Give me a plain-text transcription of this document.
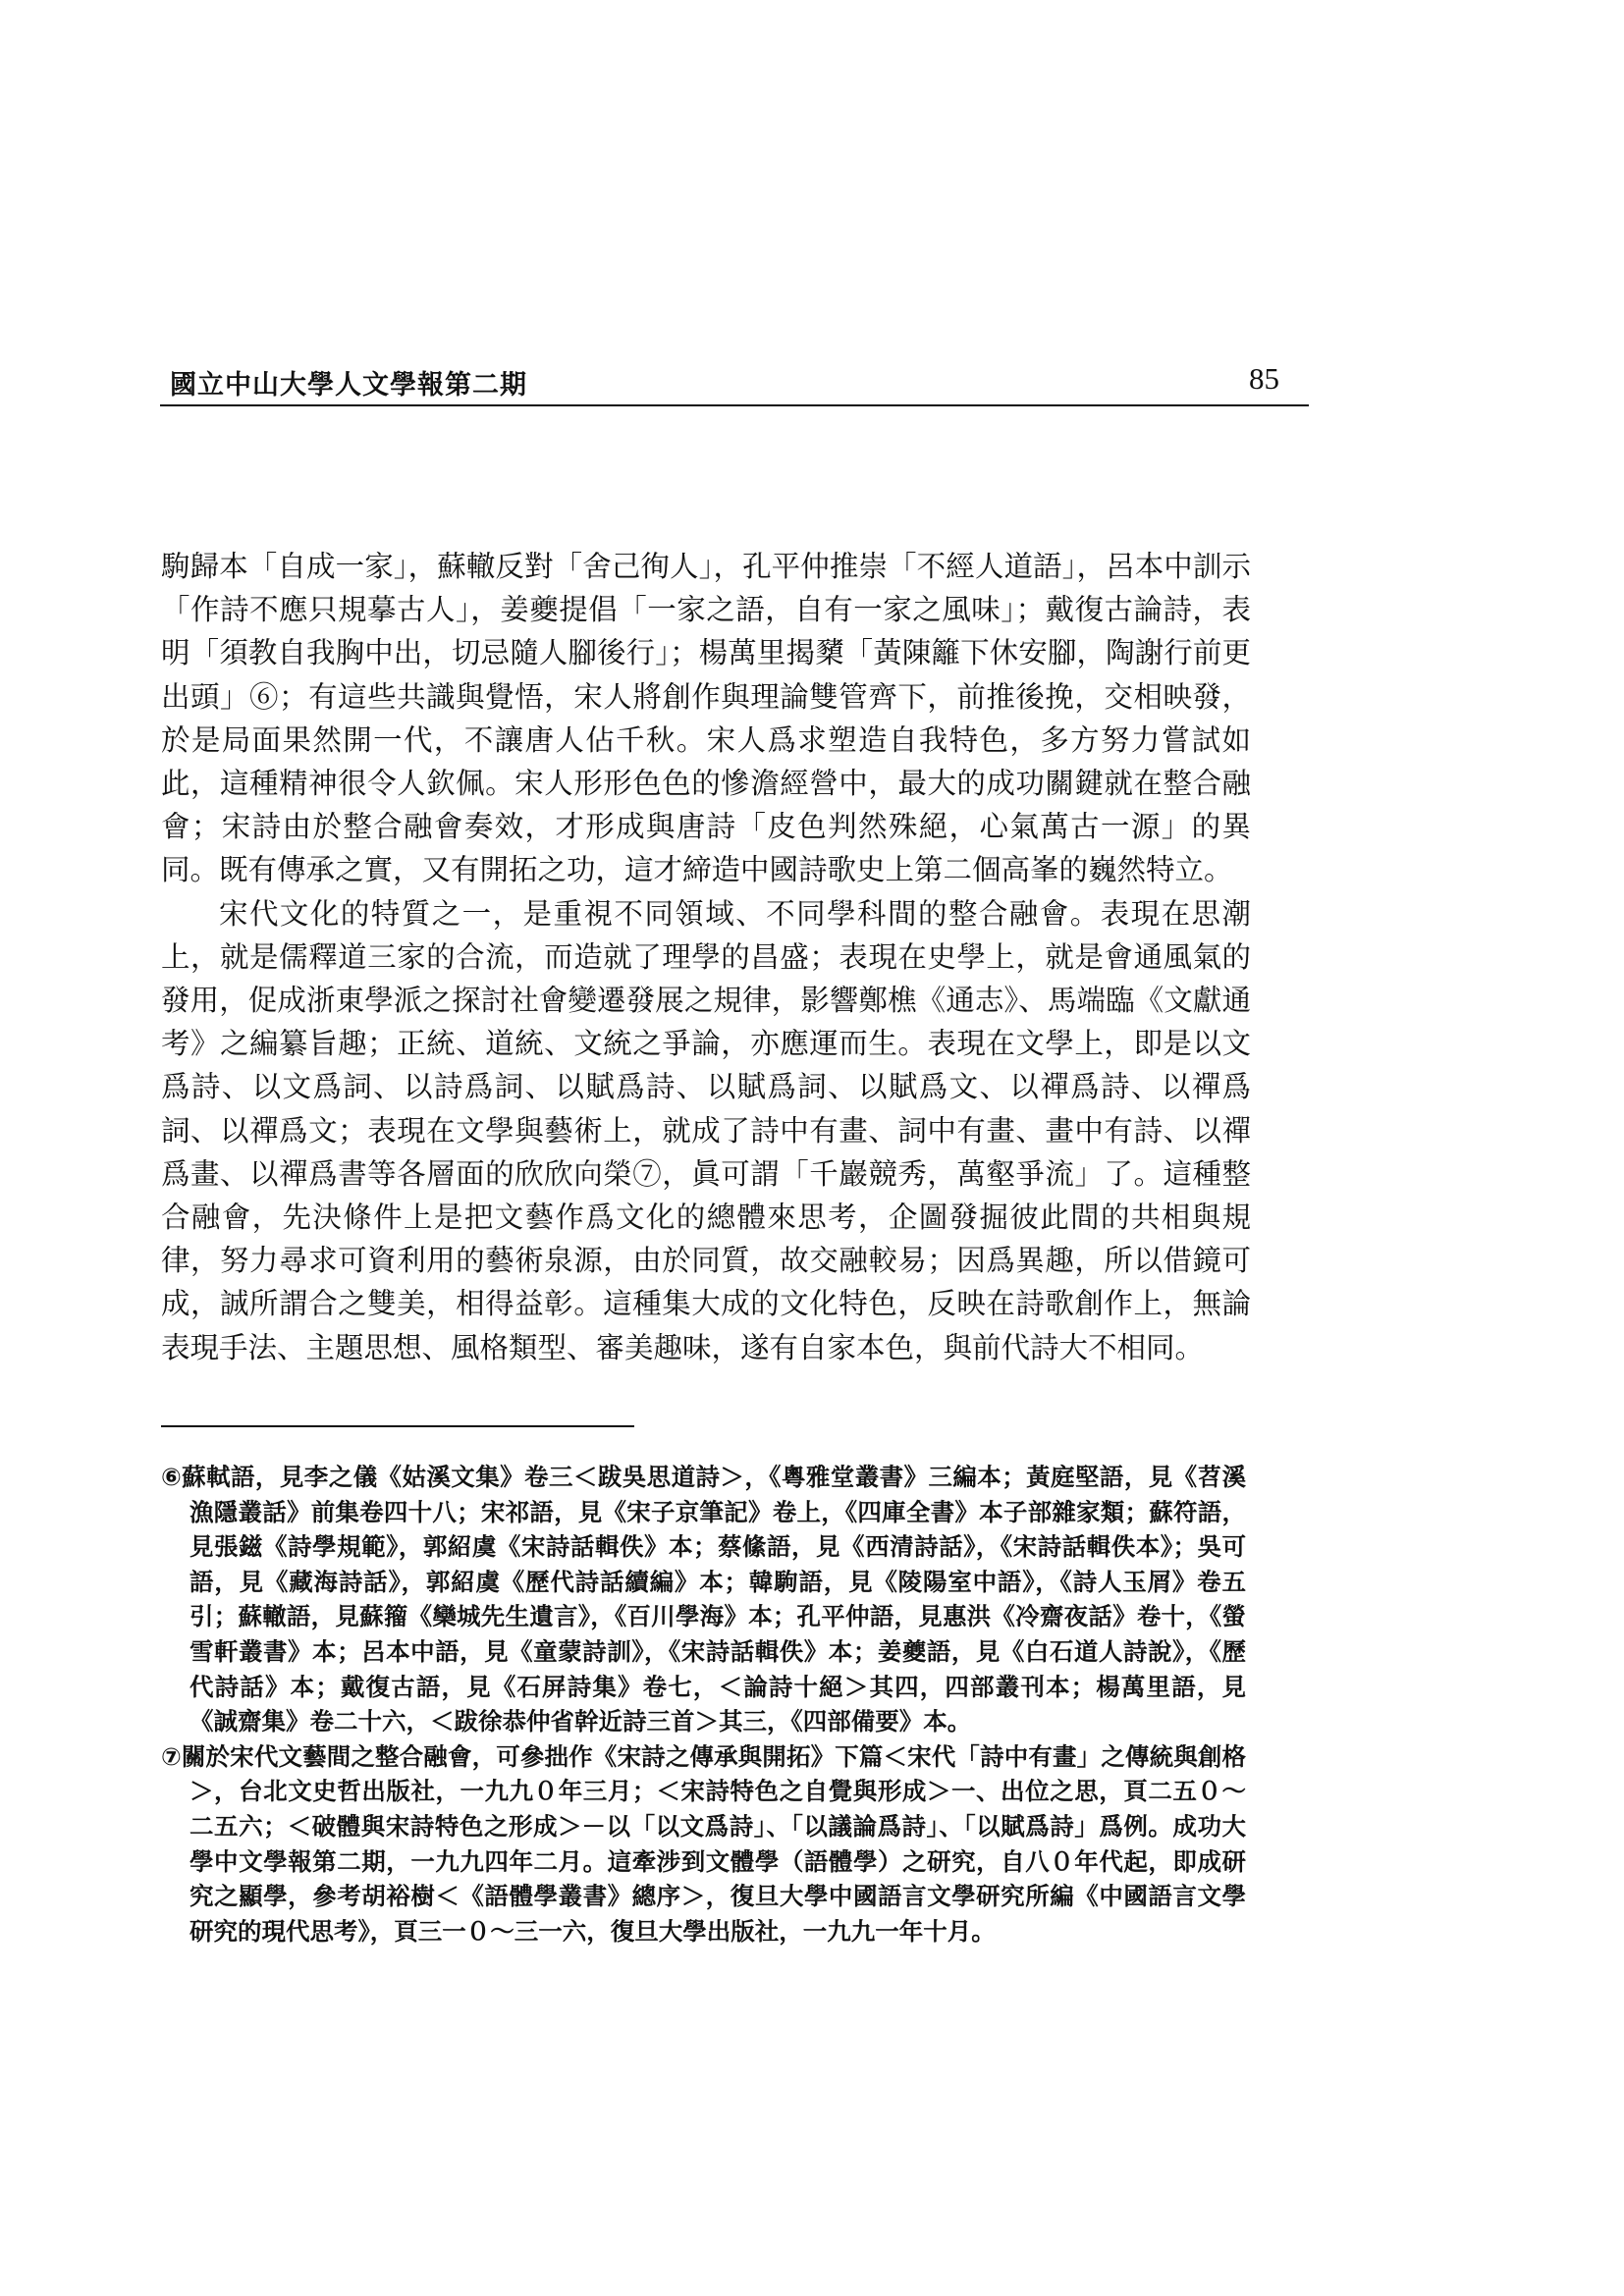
國立中山大學人文學報第二期	85

駒歸本「自成一家」，蘇轍反對「舍己徇人」，孔平仲推崇「不經人道語」，呂本中訓示「作詩不應只規摹古人」，姜夔提倡「一家之語，自有一家之風味」；戴復古論詩，表明「須教自我胸中出，切忌隨人腳後行」；楊萬里揭櫫「黃陳籬下休安腳，陶謝行前更出頭」⑥；有這些共識與覺悟，宋人將創作與理論雙管齊下，前推後挽，交相映發，於是局面果然開一代，不讓唐人佔千秋。宋人爲求塑造自我特色，多方努力嘗試如此，這種精神很令人欽佩。宋人形形色色的慘澹經營中，最大的成功關鍵就在整合融會；宋詩由於整合融會奏效，才形成與唐詩「皮色判然殊絕，心氣萬古一源」的異同。既有傳承之實，又有開拓之功，這才締造中國詩歌史上第二個高峯的巍然特立。

宋代文化的特質之一，是重視不同領域、不同學科間的整合融會。表現在思潮上，就是儒釋道三家的合流，而造就了理學的昌盛；表現在史學上，就是會通風氣的發用，促成浙東學派之探討社會變遷發展之規律，影響鄭樵《通志》、馬端臨《文獻通考》之編纂旨趣；正統、道統、文統之爭論，亦應運而生。表現在文學上，即是以文爲詩、以文爲詞、以詩爲詞、以賦爲詩、以賦爲詞、以賦爲文、以禪爲詩、以禪爲詞、以禪爲文；表現在文學與藝術上，就成了詩中有畫、詞中有畫、畫中有詩、以禪爲畫、以禪爲書等各層面的欣欣向榮⑦，眞可謂「千巖競秀，萬壑爭流」了。這種整合融會，先決條件上是把文藝作爲文化的總體來思考，企圖發掘彼此間的共相與規律，努力尋求可資利用的藝術泉源，由於同質，故交融較易；因爲異趣，所以借鏡可成，誠所謂合之雙美，相得益彰。這種集大成的文化特色，反映在詩歌創作上，無論表現手法、主題思想、風格類型、審美趣味，遂有自家本色，與前代詩大不相同。

⑥蘇軾語，見李之儀《姑溪文集》卷三＜跋吳思道詩＞，《粵雅堂叢書》三編本；黃庭堅語，見《苕溪漁隱叢話》前集卷四十八；宋祁語，見《宋子京筆記》卷上，《四庫全書》本子部雜家類；蘇符語，見張鎡《詩學規範》，郭紹虞《宋詩話輯佚》本；蔡絛語，見《西清詩話》，《宋詩話輯佚本》；吳可語，見《藏海詩話》，郭紹虞《歷代詩話續編》本；韓駒語，見《陵陽室中語》，《詩人玉屑》卷五引；蘇轍語，見蘇籀《欒城先生遺言》，《百川學海》本；孔平仲語，見惠洪《冷齋夜話》卷十，《螢雪軒叢書》本；呂本中語，見《童蒙詩訓》，《宋詩話輯佚》本；姜夔語，見《白石道人詩說》，《歷代詩話》本；戴復古語，見《石屏詩集》卷七，＜論詩十絕＞其四，四部叢刊本；楊萬里語，見《誠齋集》卷二十六，＜跋徐恭仲省幹近詩三首＞其三，《四部備要》本。

⑦關於宋代文藝間之整合融會，可參拙作《宋詩之傳承與開拓》下篇＜宋代「詩中有畫」之傳統與創格＞，台北文史哲出版社，一九九０年三月；＜宋詩特色之自覺與形成＞一、出位之思，頁二五０～二五六；＜破體與宋詩特色之形成＞－以「以文爲詩」、「以議論爲詩」、「以賦爲詩」爲例。成功大學中文學報第二期，一九九四年二月。這牽涉到文體學（語體學）之研究，自八０年代起，即成研究之顯學，參考胡裕樹＜《語體學叢書》總序＞，復旦大學中國語言文學研究所編《中國語言文學研究的現代思考》，頁三一０～三一六，復旦大學出版社，一九九一年十月。
